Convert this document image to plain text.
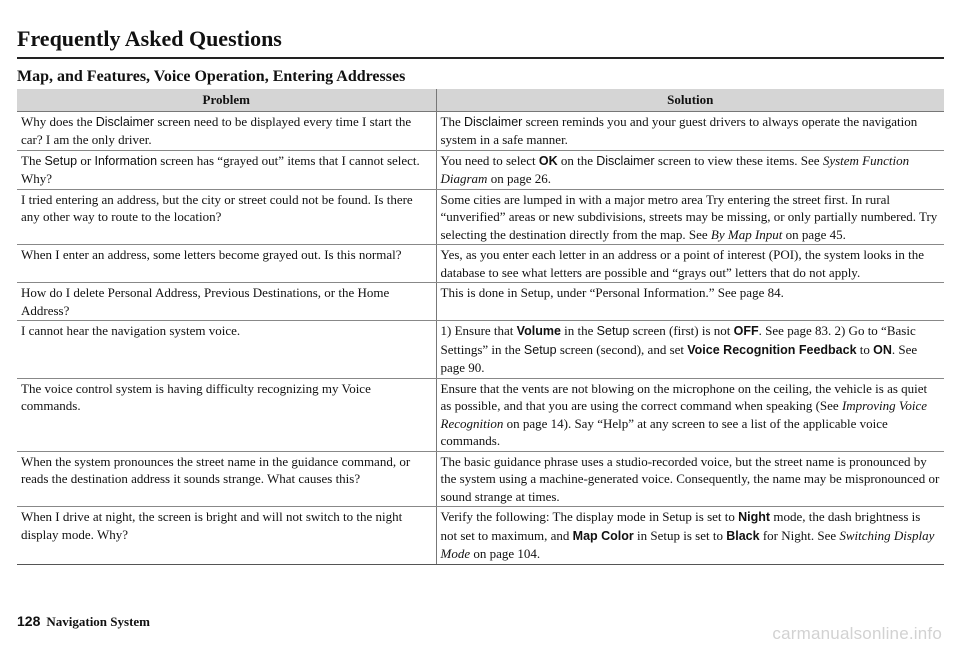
Frequently Asked Questions
Map, and Features, Voice Operation, Entering Addresses
Problem	Solution
Why does the Disclaimer screen need to be displayed every time I start the car? I am the only driver.	The Disclaimer screen reminds you and your guest drivers to always operate the navigation system in a safe manner.
The Setup or Information screen has “grayed out” items that I cannot select. Why?	You need to select OK on the Disclaimer screen to view these items. See System Function Diagram on page 26.
I tried entering an address, but the city or street could not be found. Is there any other way to route to the location?	Some cities are lumped in with a major metro area Try entering the street first. In rural “unverified” areas or new subdivisions, streets may be missing, or only partially numbered. Try selecting the destination directly from the map. See By Map Input on page 45.
When I enter an address, some letters become grayed out. Is this normal?	Yes, as you enter each letter in an address or a point of interest (POI), the system looks in the database to see what letters are possible and “grays out” letters that do not apply.
How do I delete Personal Address, Previous Destinations, or the Home Address?	This is done in Setup, under “Personal Information.” See page 84.
I cannot hear the navigation system voice.	1) Ensure that Volume in the Setup screen (first) is not OFF. See page 83. 2) Go to “Basic Settings” in the Setup screen (second), and set Voice Recognition Feedback to ON. See page 90.
The voice control system is having difficulty recognizing my Voice commands.	Ensure that the vents are not blowing on the microphone on the ceiling, the vehicle is as quiet as possible, and that you are using the correct command when speaking (See Improving Voice Recognition on page 14). Say “Help” at any screen to see a list of the applicable voice commands.
When the system pronounces the street name in the guidance command, or reads the destination address it sounds strange. What causes this?	The basic guidance phrase uses a studio-recorded voice, but the street name is pronounced by the system using a machine-generated voice. Consequently, the name may be mispronounced or sound strange at times.
When I drive at night, the screen is bright and will not switch to the night display mode. Why?	Verify the following: The display mode in Setup is set to Night mode, the dash brightness is not set to maximum, and Map Color in Setup is set to Black for Night. See Switching Display Mode on page 104.
128 Navigation System
carmanualsonline.info
